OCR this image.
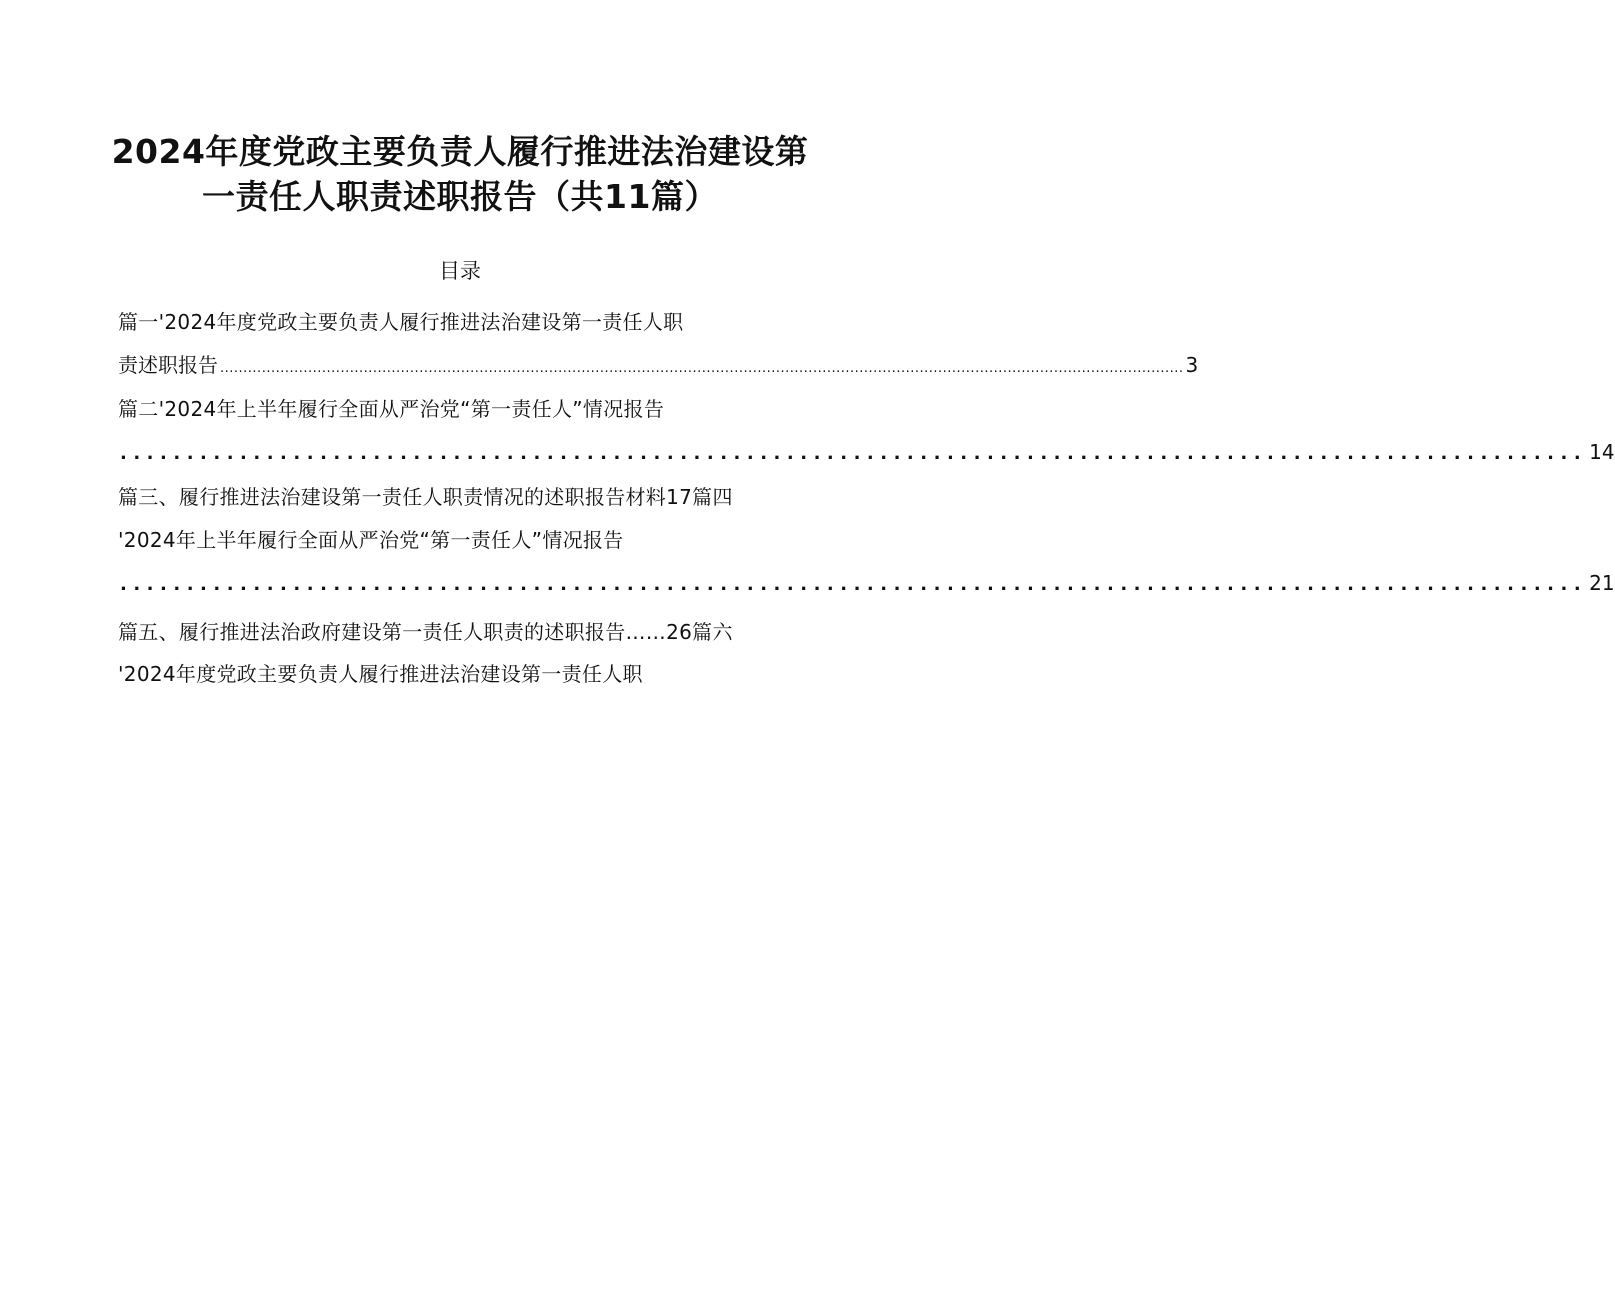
2024年度党政主要负责人履行推进法治建设第
一责任人职责述职报告（共11篇）
目录
篇一'2024年度党政主要负责人履行推进法治建设第一责任人职
责述职报告 ................................................................................................................................................................................................................ 3
篇二'2024年上半年履行全面从严治党“第一责任人”情况报告
.............................................................................................................. 14
篇三、履行推进法治建设第一责任人职责情况的述职报告材料17篇四
'2024年上半年履行全面从严治党“第一责任人”情况报告
.............................................................................................................. 21
篇五、履行推进法治政府建设第一责任人职责的述职报告……26篇六
'2024年度党政主要负责人履行推进法治建设第一责任人职
